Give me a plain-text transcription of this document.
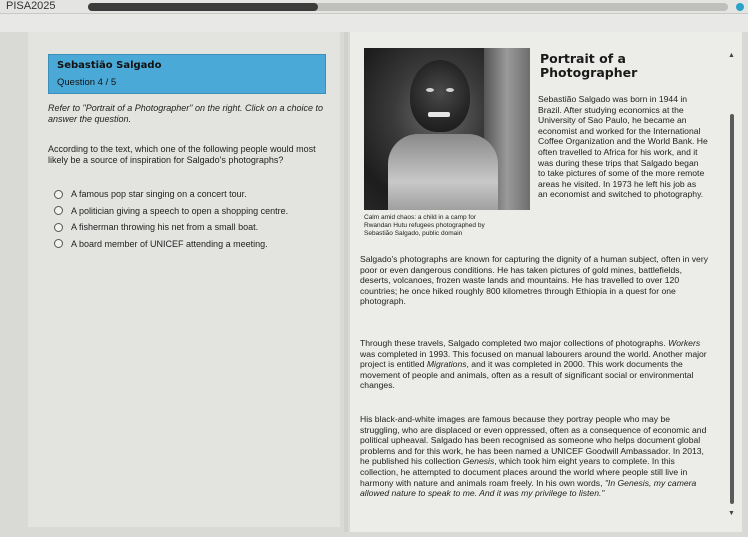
PISA2025
Sebastião Salgado
Question 4 / 5
Refer to "Portrait of a Photographer" on the right. Click on a choice to answer the question.
According to the text, which one of the following people would most likely be a source of inspiration for Salgado's photographs?
A famous pop star singing on a concert tour.
A politician giving a speech to open a shopping centre.
A fisherman throwing his net from a small boat.
A board member of UNICEF attending a meeting.
Calm amid chaos: a child in a camp for
Rwandan Hutu refugees photographed by
Sebastião Salgado, public domain
Portrait of a
Photographer
Sebastião Salgado was born in 1944 in Brazil. After studying economics at the University of Sao Paulo, he became an economist and worked for the International Coffee Organization and the World Bank. He often travelled to Africa for his work, and it was during these trips that Salgado began to take pictures of some of the more remote areas he visited. In 1973 he left his job as an economist and switched to photography.
Salgado's photographs are known for capturing the dignity of a human subject, often in very poor or even dangerous conditions. He has taken pictures of gold mines, battlefields, deserts, volcanoes, frozen waste lands and mountains. He has travelled to over 120 countries; he once hiked roughly 800 kilometres through Ethiopia in a quest for one photograph.
Through these travels, Salgado completed two major collections of photographs. Workers was completed in 1993. This focused on manual labourers around the world. Another major project is entitled Migrations, and it was completed in 2000. This work documents the movement of people and animals, often as a result of significant social or environmental changes.
His black-and-white images are famous because they portray people who may be struggling, who are displaced or even oppressed, often as a consequence of economic and political upheaval. Salgado has been recognised as someone who helps document global problems and for this work, he has been named a UNICEF Goodwill Ambassador. In 2013, he published his collection Genesis, which took him eight years to complete. In this collection, he attempted to document places around the world where people still live in harmony with nature and animals roam freely. In his own words, "In Genesis, my camera allowed nature to speak to me. And it was my privilege to listen."
▲
▼
